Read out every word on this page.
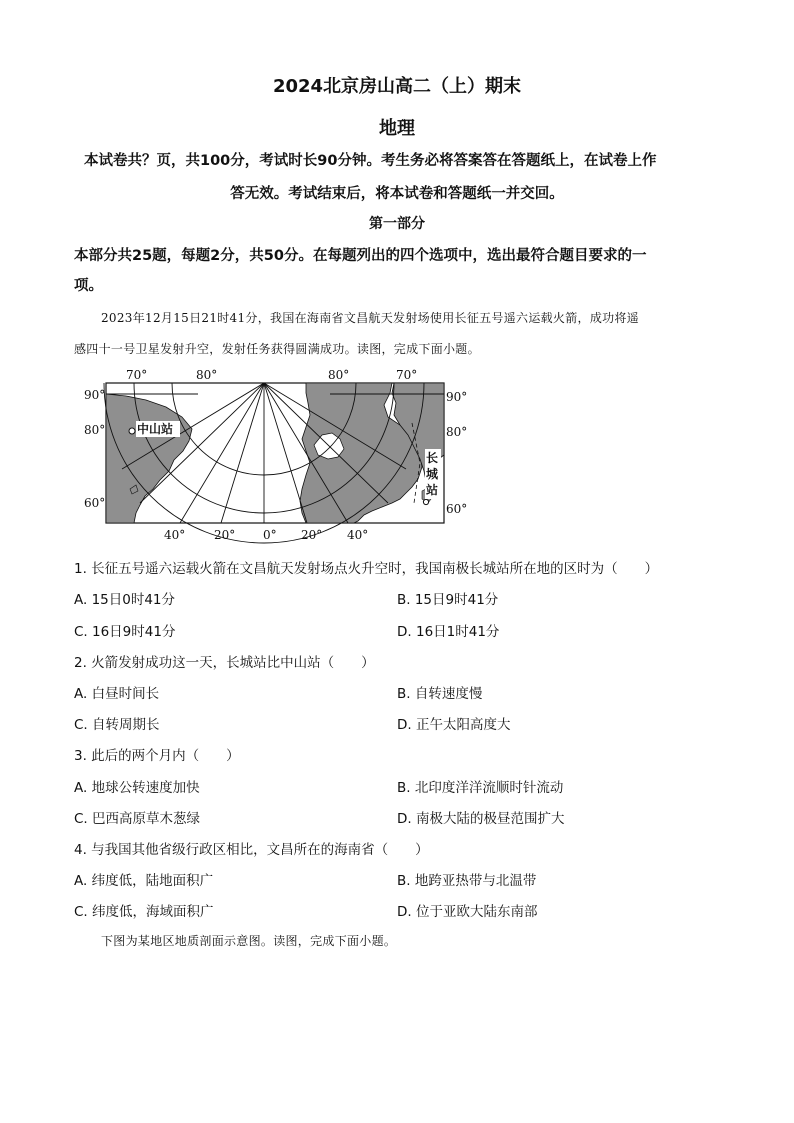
2024北京房山高二（上）期末
地理
本试卷共？页，共100分，考试时长90分钟。考生务必将答案答在答题纸上，在试卷上作
答无效。考试结束后，将本试卷和答题纸一并交回。
第一部分
本部分共25题，每题2分，共50分。在每题列出的四个选项中，选出最符合题目要求的一
项。
2023年12月15日21时41分，我国在海南省文昌航天发射场使用长征五号遥六运载火箭，成功将遥
感四十一号卫星发射升空，发射任务获得圆满成功。读图，完成下面小题。
70°	80°	80°	70°
90°
80°
60°
90°
80°
60°
40° 20° 0° 20° 40°
中山站
长
城
站
1. 长征五号遥六运载火箭在文昌航天发射场点火升空时，我国南极长城站所在地的区时为（　　）
A. 15日0时41分	B. 15日9时41分
C. 16日9时41分	D. 16日1时41分
2. 火箭发射成功这一天，长城站比中山站（　　）
A. 白昼时间长	B. 自转速度慢
C. 自转周期长	D. 正午太阳高度大
3. 此后的两个月内（　　）
A. 地球公转速度加快	B. 北印度洋洋流顺时针流动
C. 巴西高原草木葱绿	D. 南极大陆的极昼范围扩大
4. 与我国其他省级行政区相比，文昌所在的海南省（　　）
A. 纬度低，陆地面积广	B. 地跨亚热带与北温带
C. 纬度低，海域面积广	D. 位于亚欧大陆东南部
下图为某地区地质剖面示意图。读图，完成下面小题。
